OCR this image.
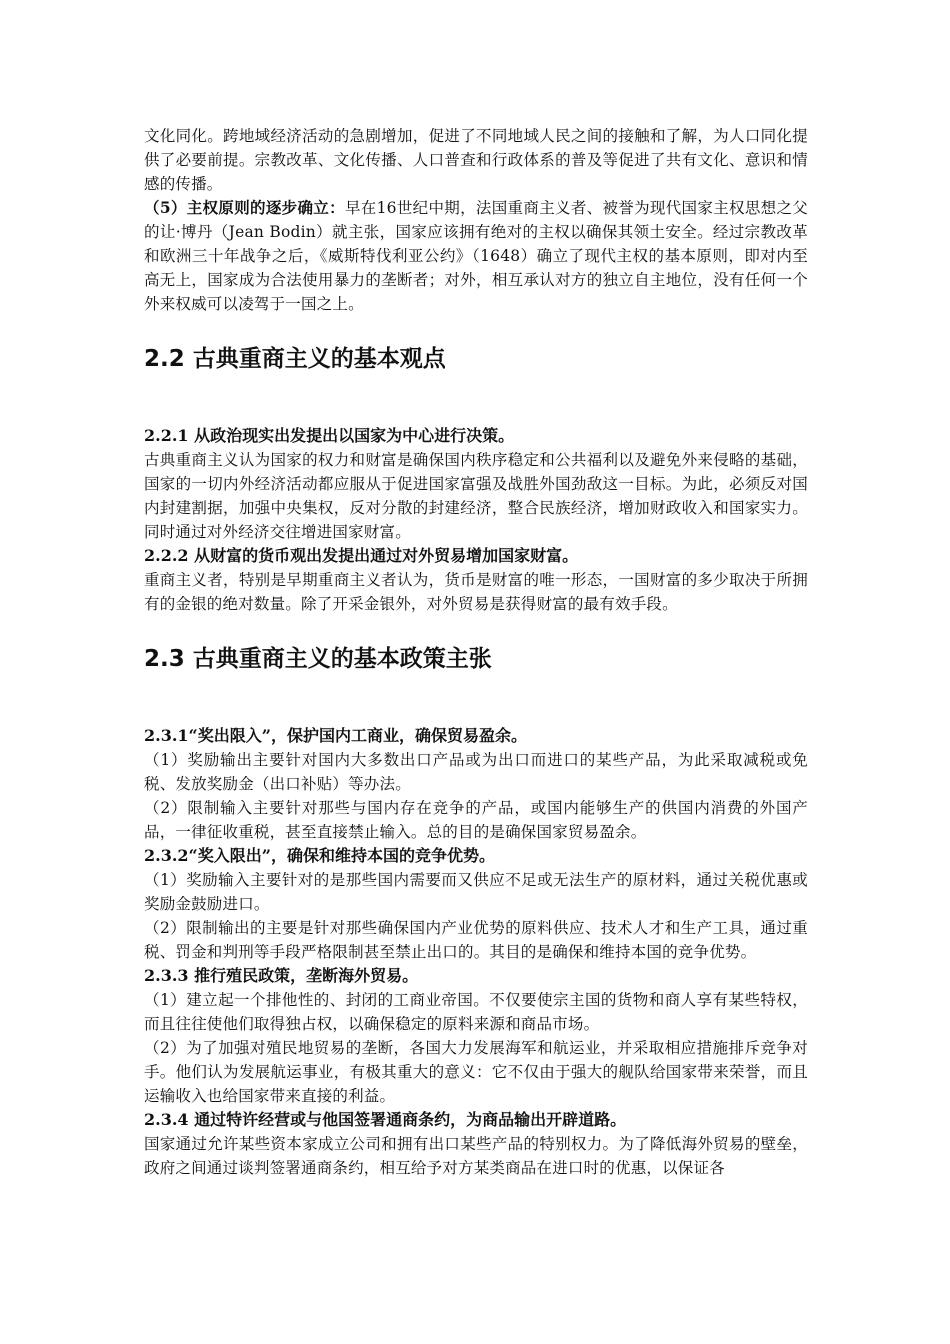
文化同化。跨地域经济活动的急剧增加，促进了不同地域人民之间的接触和了解，为人口同化提供了必要前提。宗教改革、文化传播、人口普查和行政体系的普及等促进了共有文化、意识和情感的传播。

（5）主权原则的逐步确立：早在16世纪中期，法国重商主义者、被誉为现代国家主权思想之父的让·博丹（Jean Bodin）就主张，国家应该拥有绝对的主权以确保其领土安全。经过宗教改革和欧洲三十年战争之后，《威斯特伐利亚公约》（1648）确立了现代主权的基本原则，即对内至高无上，国家成为合法使用暴力的垄断者；对外，相互承认对方的独立自主地位，没有任何一个外来权威可以凌驾于一国之上。

2.2 古典重商主义的基本观点
2.2.1 从政治现实出发提出以国家为中心进行决策。

古典重商主义认为国家的权力和财富是确保国内秩序稳定和公共福利以及避免外来侵略的基础，国家的一切内外经济活动都应服从于促进国家富强及战胜外国劲敌这一目标。为此，必须反对国内封建割据，加强中央集权，反对分散的封建经济，整合民族经济，增加财政收入和国家实力。同时通过对外经济交往增进国家财富。

2.2.2 从财富的货币观出发提出通过对外贸易增加国家财富。

重商主义者，特别是早期重商主义者认为，货币是财富的唯一形态，一国财富的多少取决于所拥有的金银的绝对数量。除了开采金银外，对外贸易是获得财富的最有效手段。

2.3 古典重商主义的基本政策主张
2.3.1“奖出限入”，保护国内工商业，确保贸易盈余。

（1）奖励输出主要针对国内大多数出口产品或为出口而进口的某些产品，为此采取减税或免税、发放奖励金（出口补贴）等办法。

（2）限制输入主要针对那些与国内存在竞争的产品，或国内能够生产的供国内消费的外国产品，一律征收重税，甚至直接禁止输入。总的目的是确保国家贸易盈余。

2.3.2“奖入限出”，确保和维持本国的竞争优势。

（1）奖励输入主要针对的是那些国内需要而又供应不足或无法生产的原材料，通过关税优惠或奖励金鼓励进口。

（2）限制输出的主要是针对那些确保国内产业优势的原料供应、技术人才和生产工具，通过重税、罚金和判刑等手段严格限制甚至禁止出口的。其目的是确保和维持本国的竞争优势。

2.3.3 推行殖民政策，垄断海外贸易。

（1）建立起一个排他性的、封闭的工商业帝国。不仅要使宗主国的货物和商人享有某些特权，而且往往使他们取得独占权，以确保稳定的原料来源和商品市场。

（2）为了加强对殖民地贸易的垄断，各国大力发展海军和航运业，并采取相应措施排斥竞争对手。他们认为发展航运事业，有极其重大的意义：它不仅由于强大的舰队给国家带来荣誉，而且运输收入也给国家带来直接的利益。

2.3.4 通过特许经营或与他国签署通商条约，为商品输出开辟道路。

国家通过允许某些资本家成立公司和拥有出口某些产品的特别权力。为了降低海外贸易的壁垒，政府之间通过谈判签署通商条约，相互给予对方某类商品在进口时的优惠，以保证各
